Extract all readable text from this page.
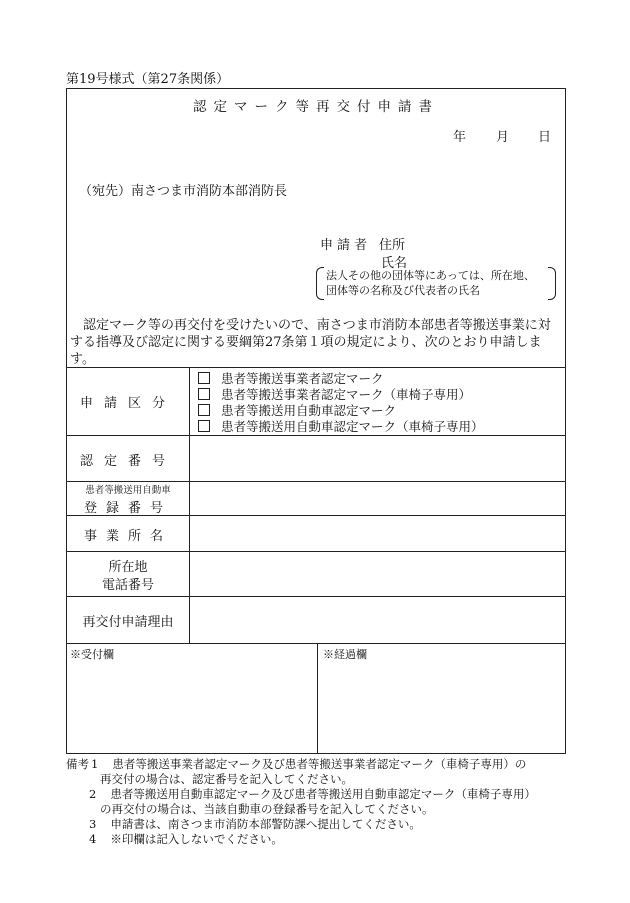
第19号様式（第27条関係）
認定マーク等再交付申請書
年 月 日
（宛先）南さつま市消防本部消防長
申請者 住所
氏名
法人その他の団体等にあっては、所在地、
団体等の名称及び代表者の氏名
認定マーク等の再交付を受けたいので、南さつま市消防本部患者等搬送事業に対する指導及び認定に関する要綱第27条第１項の規定により、次のとおり申請します。
申請区分
患者等搬送事業者認定マーク
患者等搬送事業者認定マーク（車椅子専用）
患者等搬送用自動車認定マーク
患者等搬送用自動車認定マーク（車椅子専用）
認定番号
患者等搬送用自動車
登録番号
事業所名
所在地
電話番号
再交付申請理由
※受付欄	※経過欄
備考 1 患者等搬送事業者認定マーク及び患者等搬送事業者認定マーク（車椅子専用）の
再交付の場合は、認定番号を記入してください。
2 患者等搬送用自動車認定マーク及び患者等搬送用自動車認定マーク（車椅子専用）
の再交付の場合は、当該自動車の登録番号を記入してください。
3 申請書は、南さつま市消防本部警防課へ提出してください。
4 ※印欄は記入しないでください。
